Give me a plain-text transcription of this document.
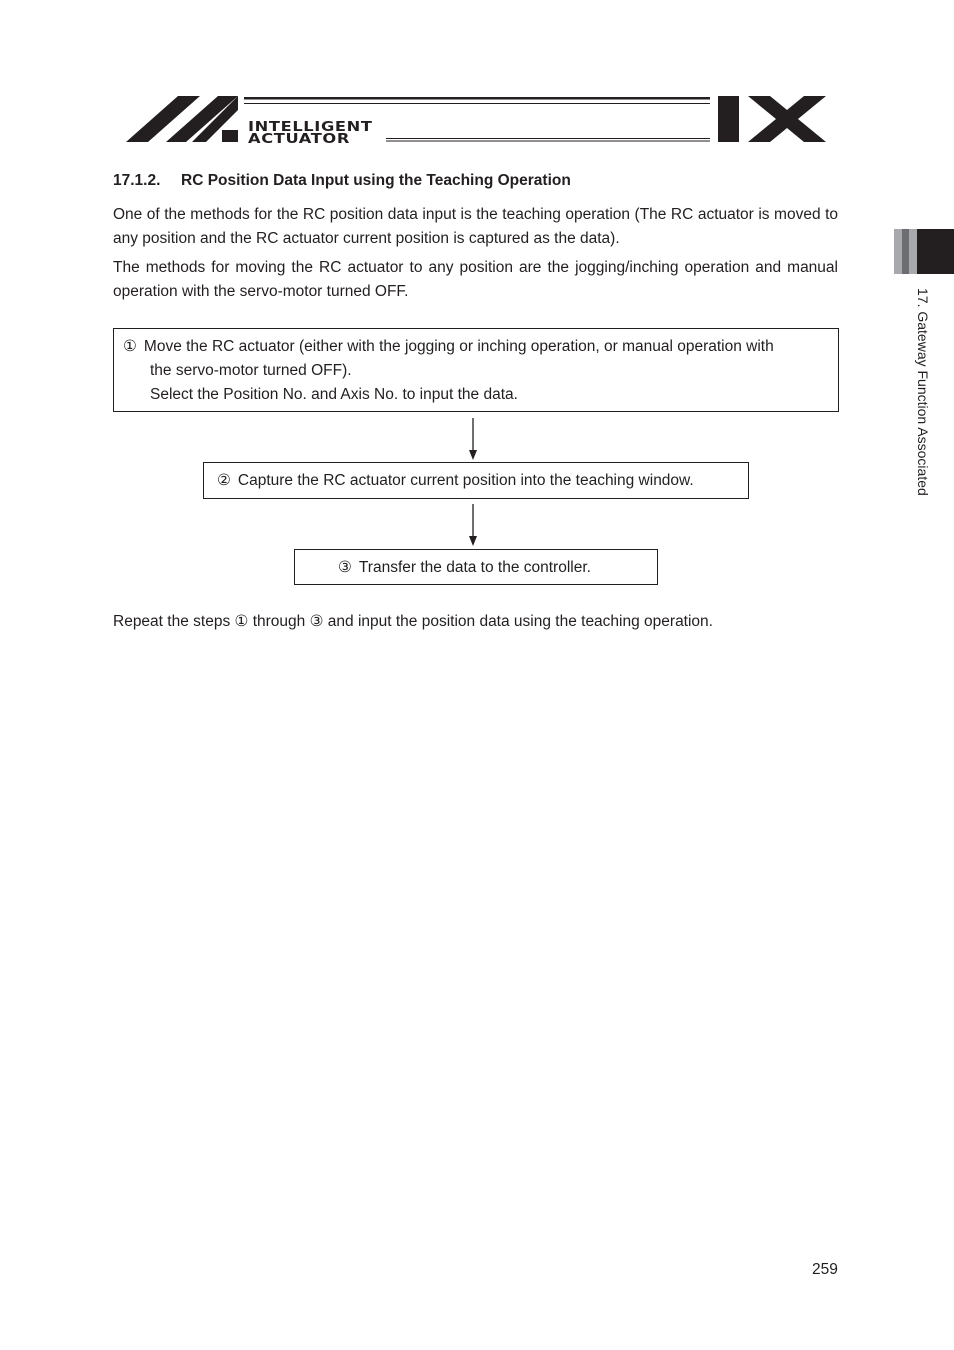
INTELLIGENT
ACTUATOR
17.1.2. RC Position Data Input using the Teaching Operation

One of the methods for the RC position data input is the teaching operation (The RC actuator is moved to any position and the RC actuator current position is captured as the data).

The methods for moving the RC actuator to any position are the jogging/inching operation and manual operation with the servo-motor turned OFF.

① Move the RC actuator (either with the jogging or inching operation, or manual operation with
the servo-motor turned OFF).
Select the Position No. and Axis No. to input the data.
② Capture the RC actuator current position into the teaching window.
③ Transfer the data to the controller.

Repeat the steps ① through ③ and input the position data using the teaching operation.

17. Gateway Function Associated
259
